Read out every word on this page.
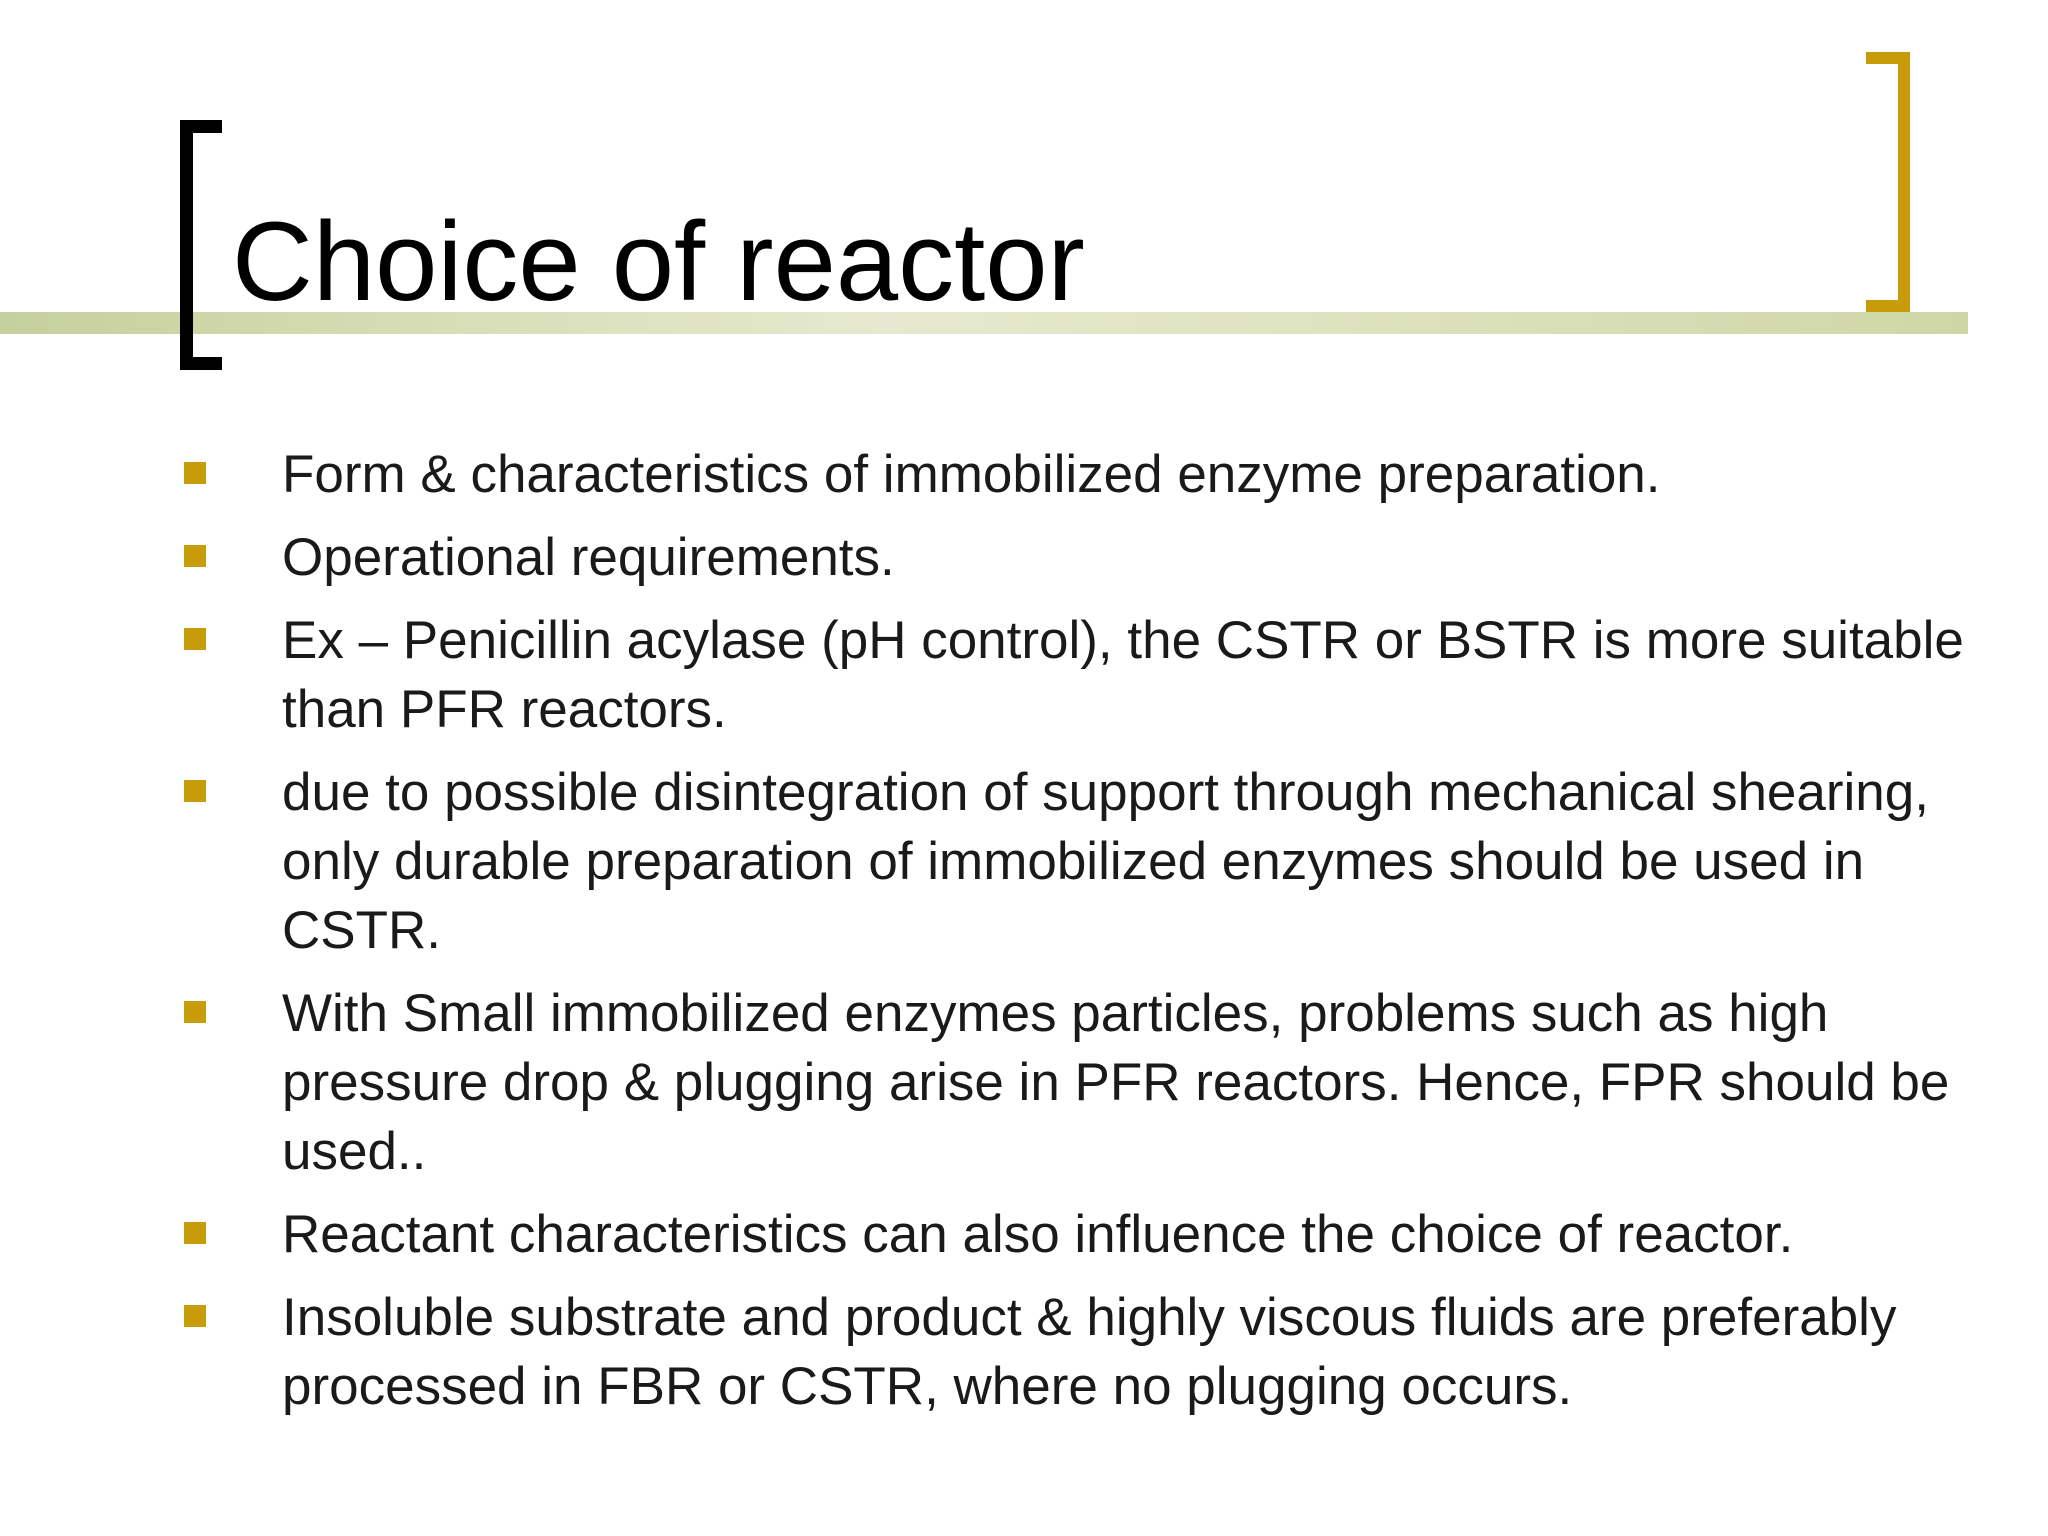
Choice of reactor
Form & characteristics of immobilized enzyme preparation.
Operational requirements.
Ex – Penicillin acylase (pH control), the CSTR or BSTR is more suitable than PFR reactors.
due to possible disintegration of support through mechanical shearing, only durable preparation of immobilized enzymes should be used in CSTR.
With Small immobilized enzymes particles, problems such as high pressure drop & plugging arise in PFR reactors. Hence, FPR should be used..
Reactant characteristics can also influence the choice of reactor.
Insoluble substrate and product & highly viscous fluids are preferably processed in FBR or CSTR, where no plugging occurs.
